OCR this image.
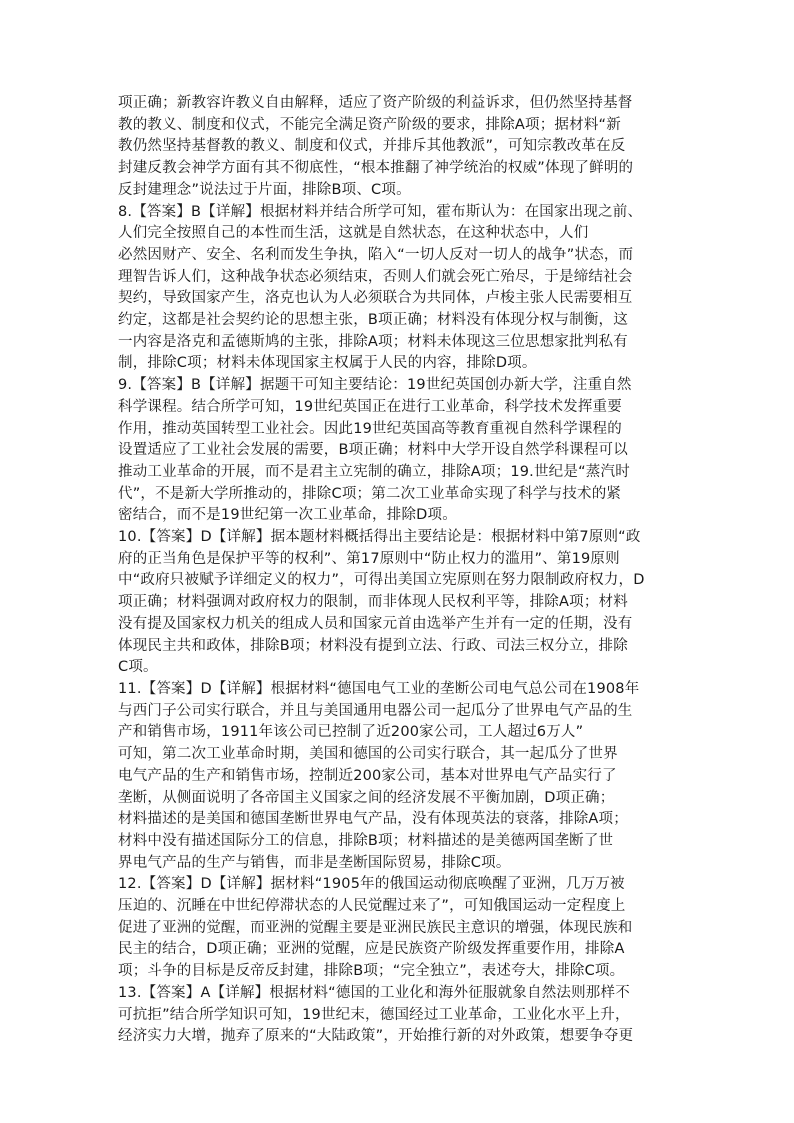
项正确；新教容许教义自由解释，适应了资产阶级的利益诉求，但仍然坚持基督
教的教义、制度和仪式，不能完全满足资产阶级的要求，排除A项；据材料“新
教仍然坚持基督教的教义、制度和仪式，并排斥其他教派”，可知宗教改革在反
封建反教会神学方面有其不彻底性，“根本推翻了神学统治的权威”体现了鲜明的
反封建理念”说法过于片面，排除B项、C项。
8.【答案】B【详解】根据材料并结合所学可知，霍布斯认为：在国家出现之前、
人们完全按照自己的本性而生活，这就是自然状态，在这种状态中，人们
必然因财产、安全、名利而发生争执，陷入“一切人反对一切人的战争”状态，而
理智告诉人们，这种战争状态必须结束，否则人们就会死亡殆尽，于是缔结社会
契约，导致国家产生，洛克也认为人必须联合为共同体，卢梭主张人民需要相互
约定，这都是社会契约论的思想主张，B项正确；材料没有体现分权与制衡，这
一内容是洛克和孟德斯鸠的主张，排除A项；材料未体现这三位思想家批判私有
制，排除C项；材料未体现国家主权属于人民的内容，排除D项。
9.【答案】B【详解】据题干可知主要结论：19世纪英国创办新大学，注重自然
科学课程。结合所学可知，19世纪英国正在进行工业革命，科学技术发挥重要
作用，推动英国转型工业社会。因此19世纪英国高等教育重视自然科学课程的
设置适应了工业社会发展的需要，B项正确；材料中大学开设自然学科课程可以
推动工业革命的开展，而不是君主立宪制的确立，排除A项；19.世纪是“蒸汽时
代”，不是新大学所推动的，排除C项；第二次工业革命实现了科学与技术的紧
密结合，而不是19世纪第一次工业革命，排除D项。
10.【答案】D【详解】据本题材料概括得出主要结论是：根据材料中第7原则“政
府的正当角色是保护平等的权利”、第17原则中“防止权力的滥用”、第19原则
中“政府只被赋予详细定义的权力”，可得出美国立宪原则在努力限制政府权力，D
项正确；材料强调对政府权力的限制，而非体现人民权利平等，排除A项；材料
没有提及国家权力机关的组成人员和国家元首由选举产生并有一定的任期，没有
体现民主共和政体，排除B项；材料没有提到立法、行政、司法三权分立，排除
C项。
11.【答案】D【详解】根据材料“德国电气工业的垄断公司电气总公司在1908年
与西门子公司实行联合，并且与美国通用电器公司一起瓜分了世界电气产品的生
产和销售市场，1911年该公司已控制了近200家公司，工人超过6万人”
可知，第二次工业革命时期，美国和德国的公司实行联合，其一起瓜分了世界
电气产品的生产和销售市场，控制近200家公司，基本对世界电气产品实行了
垄断，从侧面说明了各帝国主义国家之间的经济发展不平衡加剧，D项正确；
材料描述的是美国和德国垄断世界电气产品，没有体现英法的衰落，排除A项；
材料中没有描述国际分工的信息，排除B项；材料描述的是美德两国垄断了世
界电气产品的生产与销售，而非是垄断国际贸易，排除C项。
12.【答案】D【详解】据材料“1905年的俄国运动彻底唤醒了亚洲，几万万被
压迫的、沉睡在中世纪停滞状态的人民觉醒过来了”，可知俄国运动一定程度上
促进了亚洲的觉醒，而亚洲的觉醒主要是亚洲民族民主意识的增强，体现民族和
民主的结合，D项正确；亚洲的觉醒，应是民族资产阶级发挥重要作用，排除A
项；斗争的目标是反帝反封建，排除B项；“完全独立”，表述夸大，排除C项。
13.【答案】A【详解】根据材料“德国的工业化和海外征服就象自然法则那样不
可抗拒”结合所学知识可知，19世纪末，德国经过工业革命，工业化水平上升，
经济实力大增，抛弃了原来的“大陆政策”，开始推行新的对外政策，想要争夺更
